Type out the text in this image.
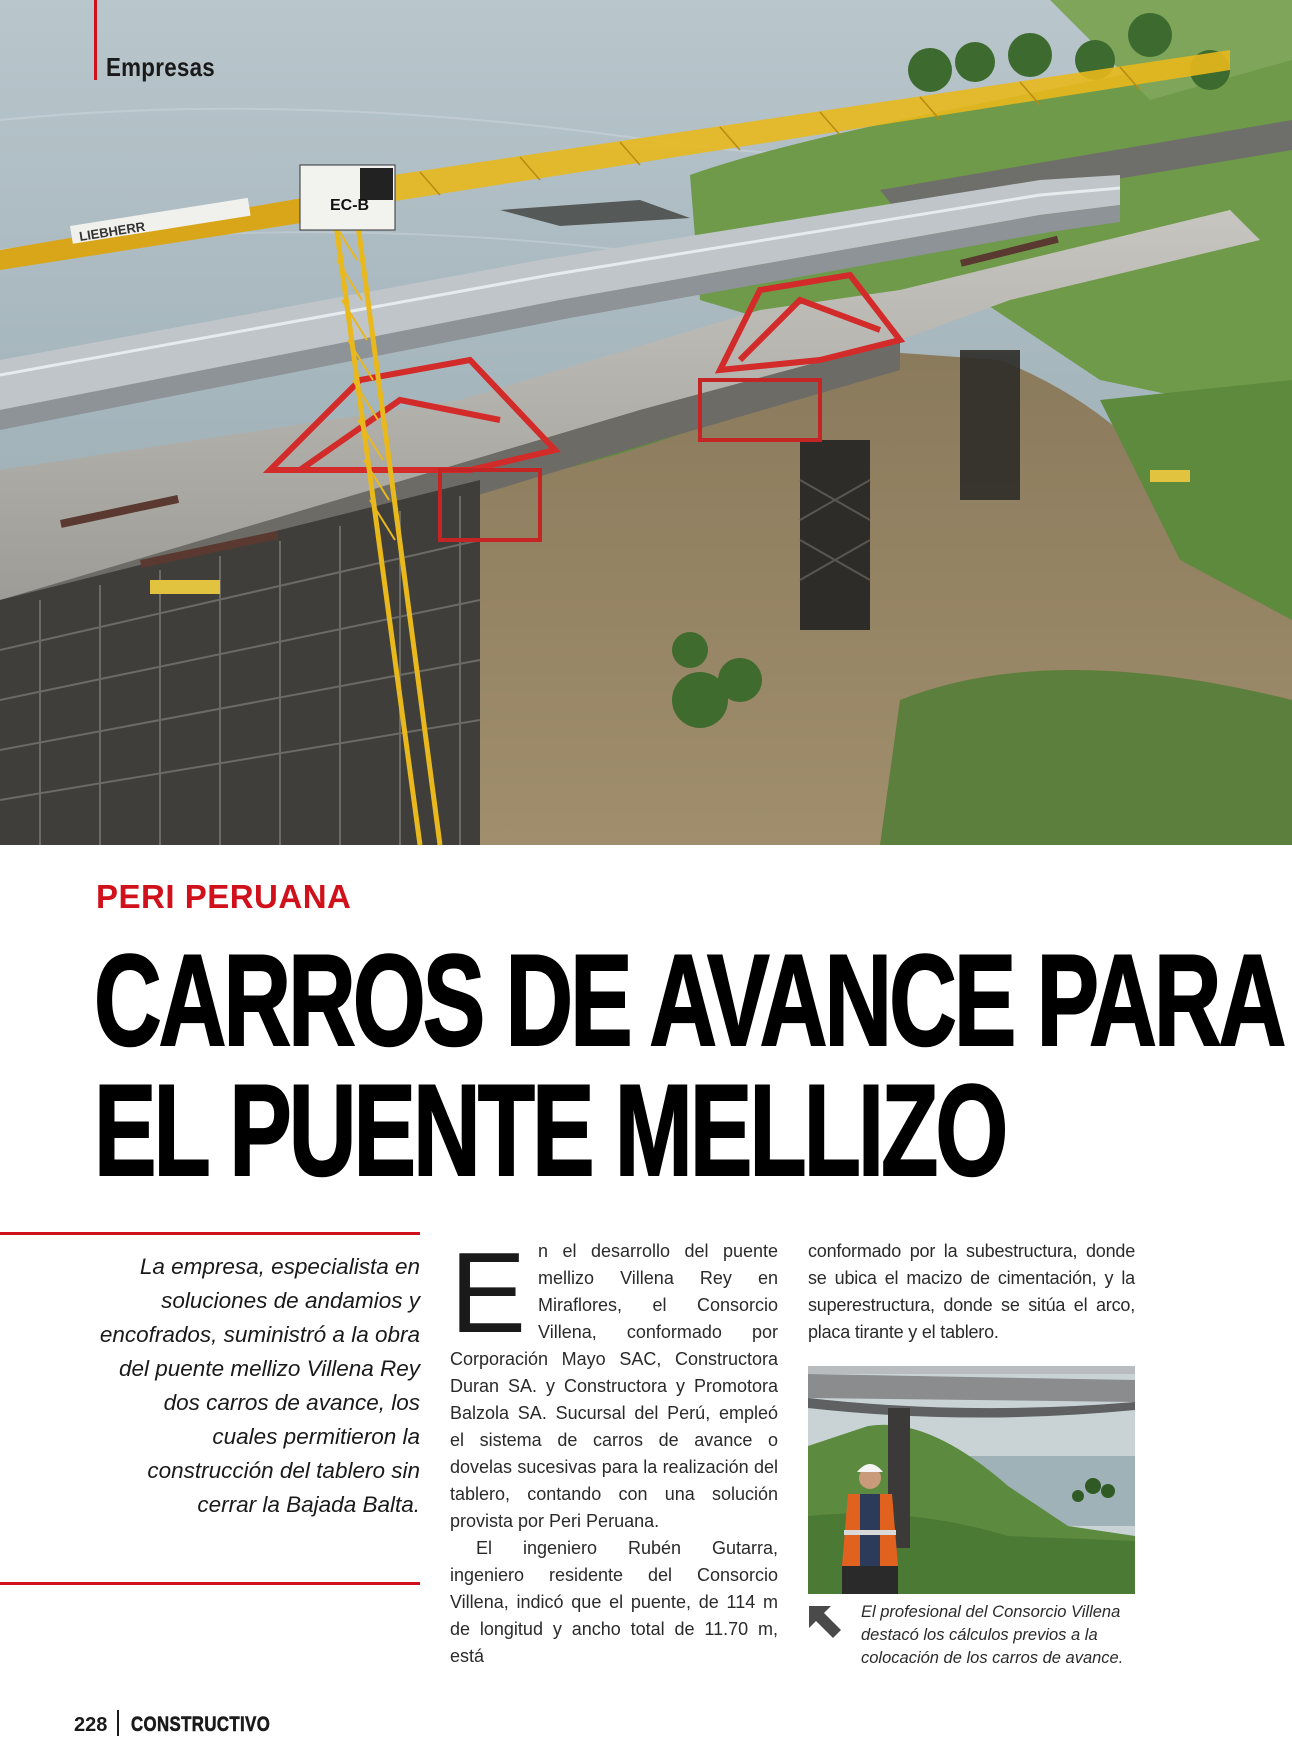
LIEBHERR
EC-B
Empresas
PERI PERUANA
CARROS DE AVANCE PARA
EL PUENTE MELLIZO

La empresa, especialista en soluciones de andamios y encofrados, suministró a la obra del puente mellizo Villena Rey dos carros de avance, los cuales permitieron la construcción del tablero sin cerrar la Bajada Balta.

E n el desarrollo del puente mellizo Villena Rey en Miraflores, el Consorcio Villena, conformado por Corporación Mayo SAC, Constructora Duran SA. y Constructora y Promotora Balzola SA. Sucursal del Perú, empleó el sistema de carros de avance o dovelas sucesivas para la realización del tablero, contando con una solución provista por Peri Peruana.

El ingeniero Rubén Gutarra, ingeniero residente del Consorcio Villena, indicó que el puente, de 114 m de longitud y ancho total de 11.70 m, está

conformado por la subestructura, donde se ubica el macizo de cimentación, y la superestructura, donde se sitúa el arco, placa tirante y el tablero.

El profesional del Consorcio Villena destacó los cálculos previos a la colocación de los carros de avance.

228 CONSTRUCTIVO
